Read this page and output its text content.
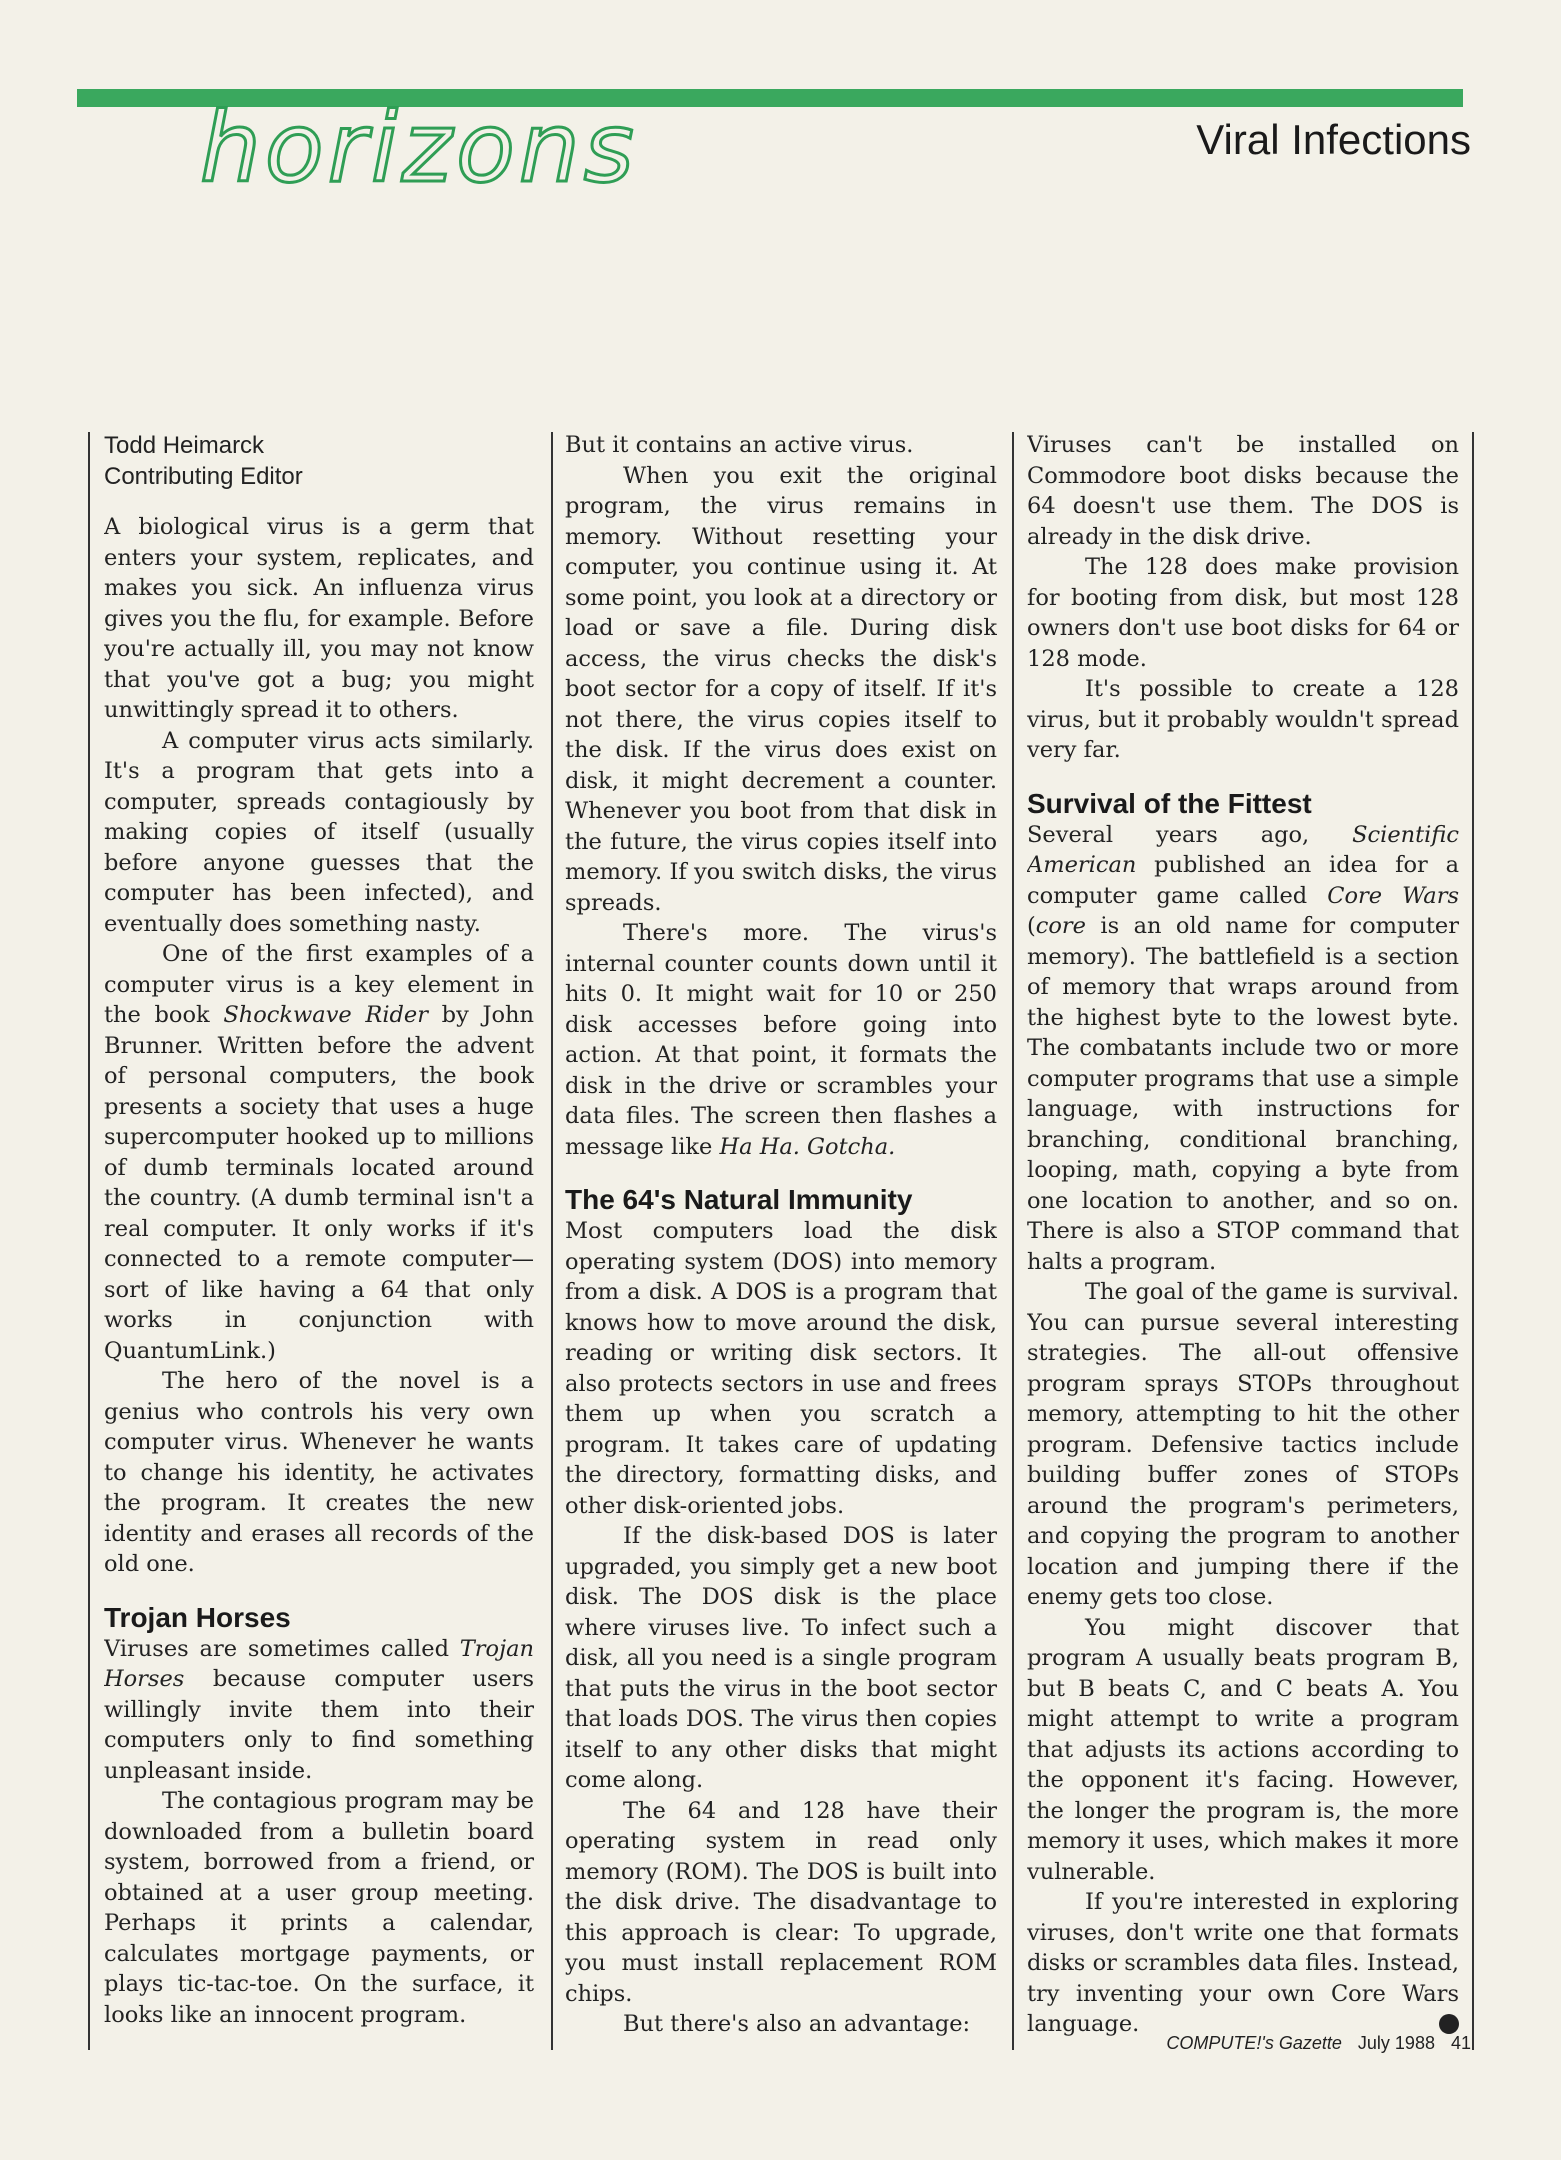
horizons	Viral Infections
Todd Heimarck
Contributing Editor

A biological virus is a germ that enters your system, replicates, and makes you sick. An influenza virus gives you the flu, for example. Before you're actually ill, you may not know that you've got a bug; you might unwittingly spread it to others.

A computer virus acts similarly. It's a program that gets into a computer, spreads contagiously by making copies of itself (usually before anyone guesses that the computer has been infected), and eventually does something nasty.

One of the first examples of a computer virus is a key element in the book Shockwave Rider by John Brunner. Written before the advent of personal computers, the book presents a society that uses a huge supercomputer hooked up to millions of dumb terminals located around the country. (A dumb terminal isn't a real computer. It only works if it's connected to a remote computer—sort of like having a 64 that only works in conjunction with QuantumLink.)

The hero of the novel is a genius who controls his very own computer virus. Whenever he wants to change his identity, he activates the program. It creates the new identity and erases all records of the old one.

Trojan Horses

Viruses are sometimes called Trojan Horses because computer users willingly invite them into their computers only to find something unpleasant inside.

The contagious program may be downloaded from a bulletin board system, borrowed from a friend, or obtained at a user group meeting. Perhaps it prints a calendar, calculates mortgage payments, or plays tic-tac-toe. On the surface, it looks like an innocent program.

But it contains an active virus.

When you exit the original program, the virus remains in memory. Without resetting your computer, you continue using it. At some point, you look at a directory or load or save a file. During disk access, the virus checks the disk's boot sector for a copy of itself. If it's not there, the virus copies itself to the disk. If the virus does exist on disk, it might decrement a counter. Whenever you boot from that disk in the future, the virus copies itself into memory. If you switch disks, the virus spreads.

There's more. The virus's internal counter counts down until it hits 0. It might wait for 10 or 250 disk accesses before going into action. At that point, it formats the disk in the drive or scrambles your data files. The screen then flashes a message like Ha Ha. Gotcha.

The 64's Natural Immunity

Most computers load the disk operating system (DOS) into memory from a disk. A DOS is a program that knows how to move around the disk, reading or writing disk sectors. It also protects sectors in use and frees them up when you scratch a program. It takes care of updating the directory, formatting disks, and other disk-oriented jobs.

If the disk-based DOS is later upgraded, you simply get a new boot disk. The DOS disk is the place where viruses live. To infect such a disk, all you need is a single program that puts the virus in the boot sector that loads DOS. The virus then copies itself to any other disks that might come along.

The 64 and 128 have their operating system in read only memory (ROM). The DOS is built into the disk drive. The disadvantage to this approach is clear: To upgrade, you must install replacement ROM chips.

But there's also an advantage:

Viruses can't be installed on Commodore boot disks because the 64 doesn't use them. The DOS is already in the disk drive.

The 128 does make provision for booting from disk, but most 128 owners don't use boot disks for 64 or 128 mode.

It's possible to create a 128 virus, but it probably wouldn't spread very far.

Survival of the Fittest

Several years ago, Scientific American published an idea for a computer game called Core Wars (core is an old name for computer memory). The battlefield is a section of memory that wraps around from the highest byte to the lowest byte. The combatants include two or more computer programs that use a simple language, with instructions for branching, conditional branching, looping, math, copying a byte from one location to another, and so on. There is also a STOP command that halts a program.

The goal of the game is survival. You can pursue several interesting strategies. The all-out offensive program sprays STOPs throughout memory, attempting to hit the other program. Defensive tactics include building buffer zones of STOPs around the program's perimeters, and copying the program to another location and jumping there if the enemy gets too close.

You might discover that program A usually beats program B, but B beats C, and C beats A. You might attempt to write a program that adjusts its actions according to the opponent it's facing. However, the longer the program is, the more memory it uses, which makes it more vulnerable.

If you're interested in exploring viruses, don't write one that formats disks or scrambles data files. Instead, try inventing your own Core Wars language.

COMPUTE!'s Gazette July 1988 41
